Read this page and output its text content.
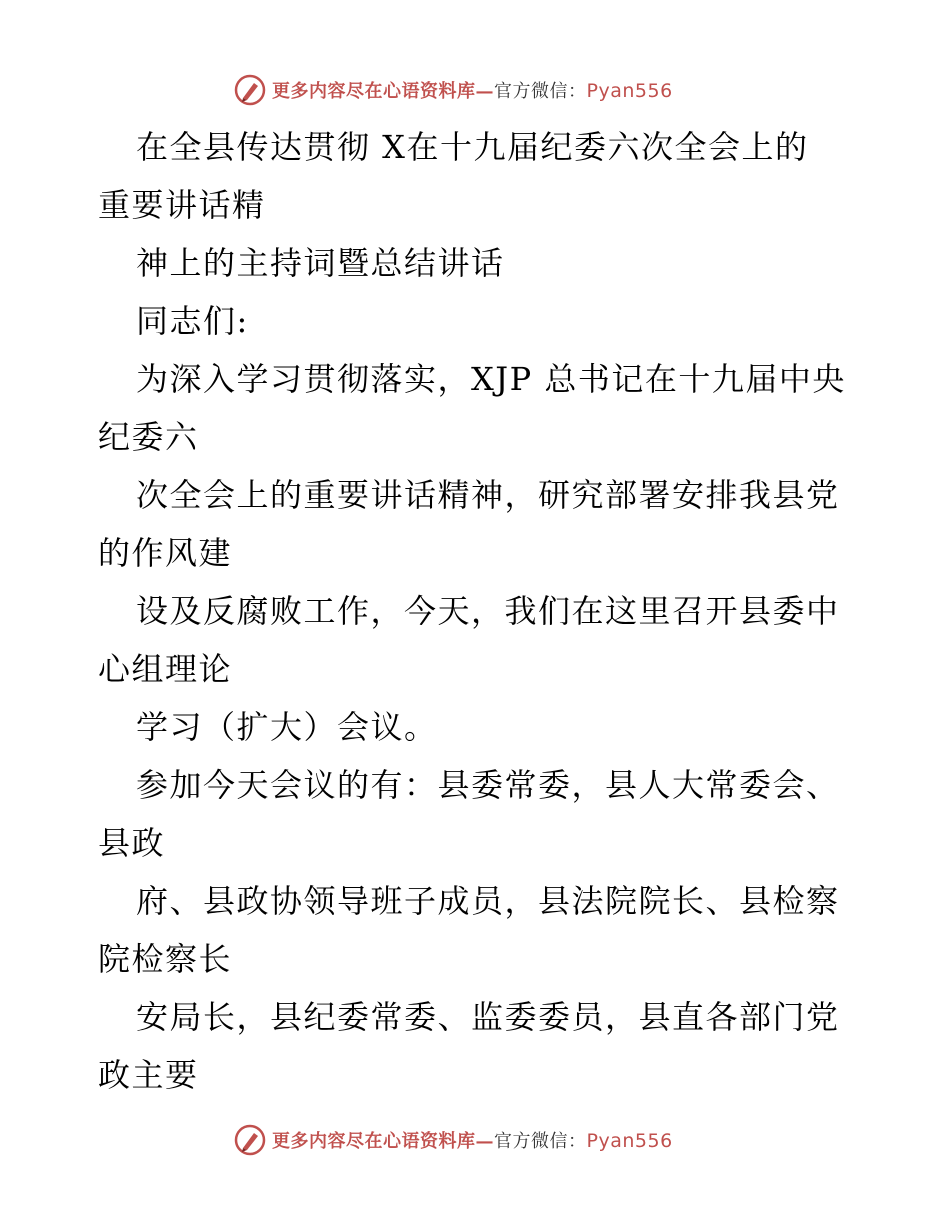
更多内容尽在心语资料库—官方微信：Pyan556
在全县传达贯彻 X在十九届纪委六次全会上的
重要讲话精
神上的主持词暨总结讲话
同志们:
为深入学习贯彻落实，XJP 总书记在十九届中央
纪委六
次全会上的重要讲话精神，研究部署安排我县党
的作风建
设及反腐败工作，今天，我们在这里召开县委中
心组理论
学习（扩大）会议。
参加今天会议的有：县委常委，县人大常委会、
县政
府、县政协领导班子成员，县法院院长、县检察
院检察长
安局长，县纪委常委、监委委员，县直各部门党
政主要
更多内容尽在心语资料库—官方微信：Pyan556
